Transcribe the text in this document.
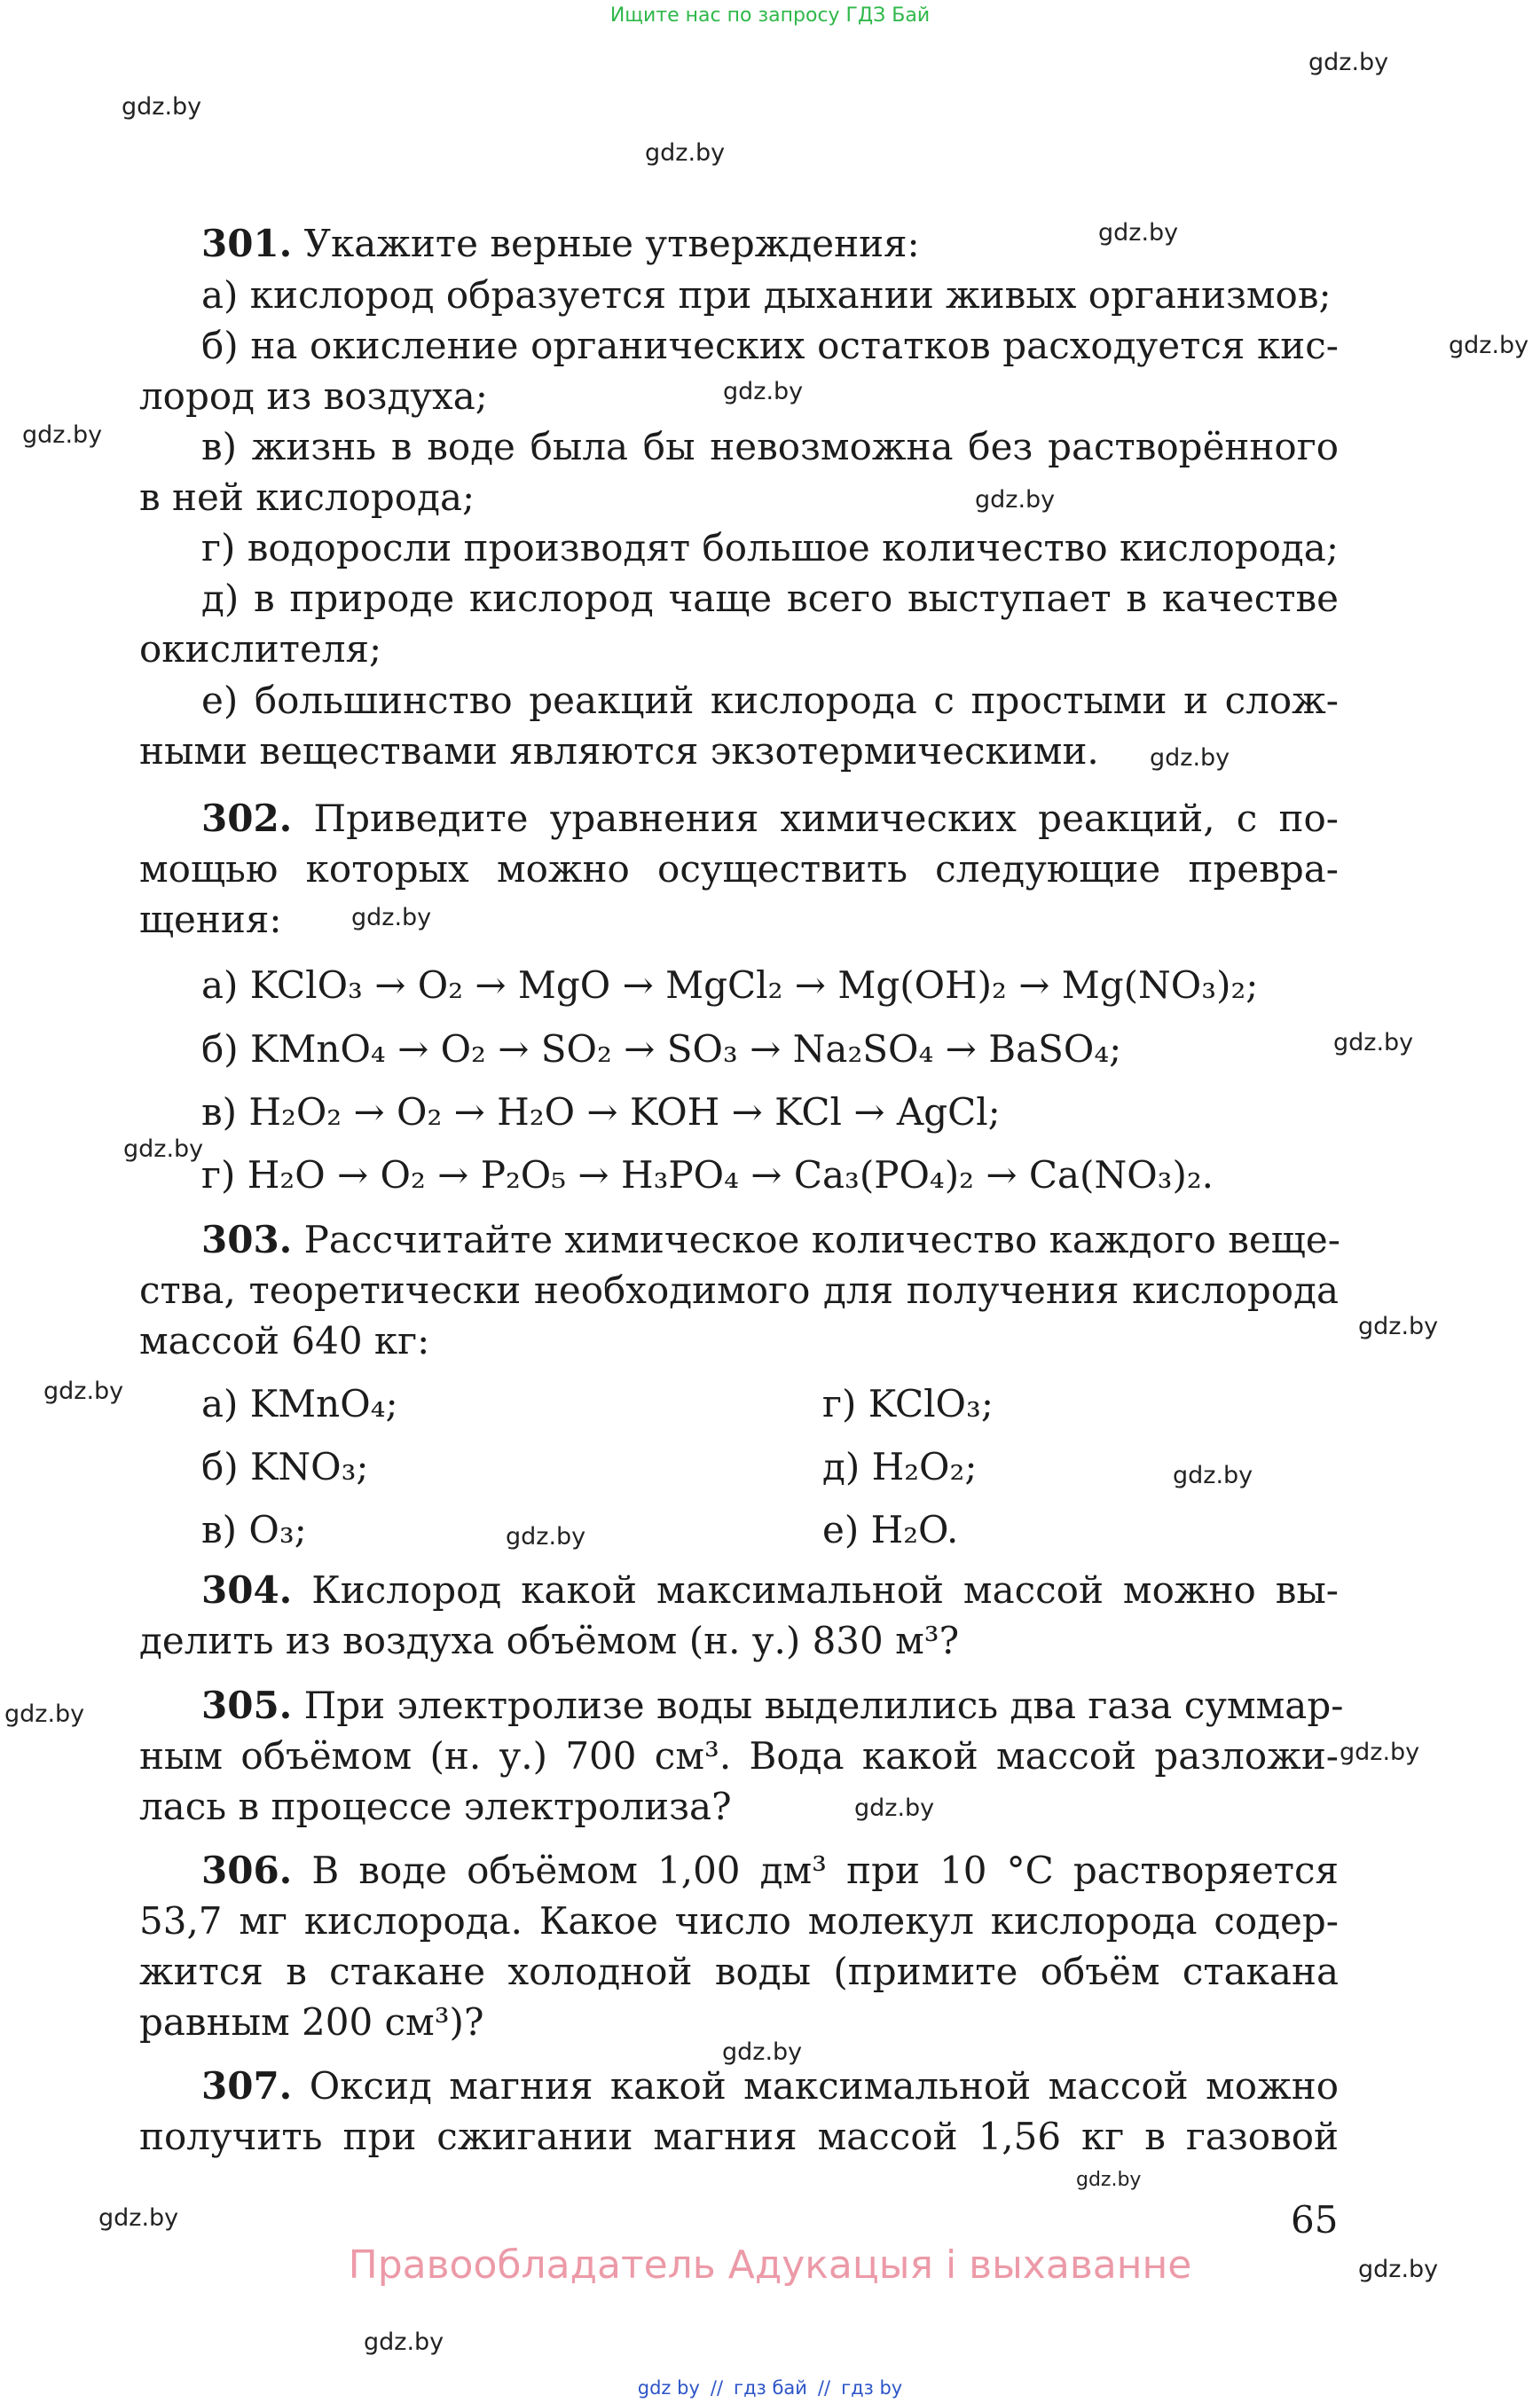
Ищите нас по запросу ГДЗ Бай
gdz.by
gdz.by
gdz.by
gdz.by
gdz.by
gdz.by
gdz.by
gdz.by
gdz.by
gdz.by
gdz.by
gdz.by
gdz.by
gdz.by
gdz.by
gdz.by
gdz.by
gdz.by
gdz.by
gdz.by
gdz.by
gdz.by
gdz.by
gdz.by
301. Укажите верные утверждения:
а) кислород образуется при дыхании живых организмов;
б) на окисление органических остатков расходуется кис-
лород из воздуха;
в) жизнь в воде была бы невозможна без растворённого
в ней кислорода;
г) водоросли производят большое количество кислорода;
д) в природе кислород чаще всего выступает в качестве
окислителя;
е) большинство реакций кислорода с простыми и слож-
ными веществами являются экзотермическими.
302. Приведите уравнения химических реакций, с по-
мощью которых можно осуществить следующие превра-
щения:
а) KClO₃ → O₂ → MgO → MgCl₂ → Mg(OH)₂ → Mg(NO₃)₂;
б) KMnO₄ → O₂ → SO₂ → SO₃ → Na₂SO₄ → BaSO₄;
в) H₂O₂ → O₂ → H₂O → KOH → KCl → AgCl;
г) H₂O → O₂ → P₂O₅ → H₃PO₄ → Ca₃(PO₄)₂ → Ca(NO₃)₂.
303. Рассчитайте химическое количество каждого веще-
ства, теоретически необходимого для получения кислорода
массой 640 кг:
а) KMnO₄;	г) KClO₃;
б) KNO₃;	д) H₂O₂;
в) O₃;	е) H₂O.
304. Кислород какой максимальной массой можно вы-
делить из воздуха объёмом (н. у.) 830 м³?
305. При электролизе воды выделились два газа суммар-
ным объёмом (н. у.) 700 см³. Вода какой массой разложи-
лась в процессе электролиза?
306. В воде объёмом 1,00 дм³ при 10 °C растворяется
53,7 мг кислорода. Какое число молекул кислорода содер-
жится в стакане холодной воды (примите объём стакана
равным 200 см³)?
307. Оксид магния какой максимальной массой можно
получить при сжигании магния массой 1,56 кг в газовой
65
Правообладатель Адукацыя і выхаванне
gdz by // гдз бай // гдз by
